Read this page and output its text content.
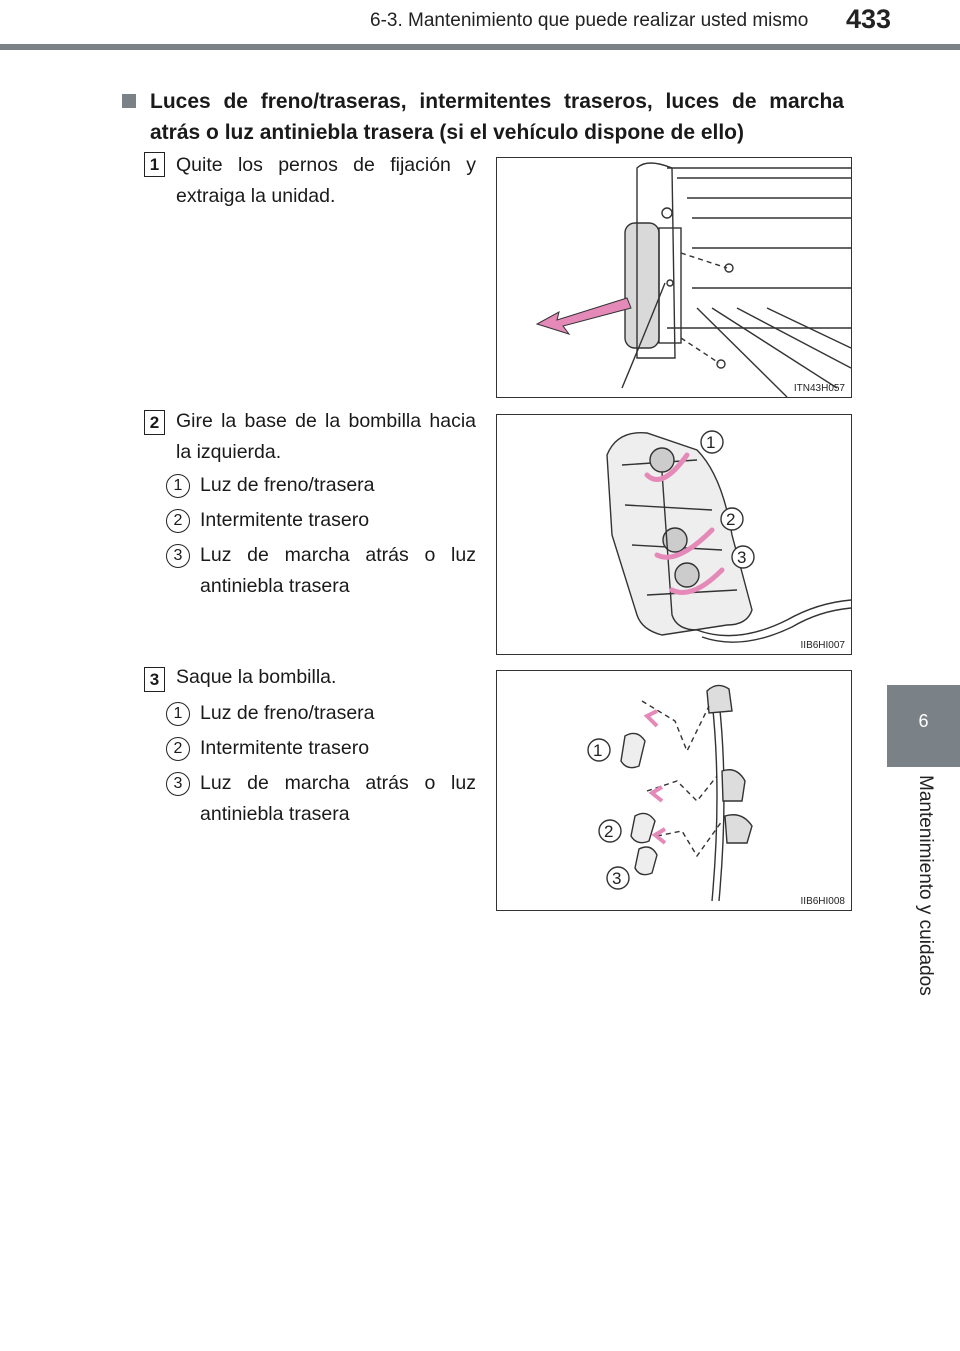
6-3. Mantenimiento que puede realizar usted mismo 433
6
Mantenimiento y cuidados
Luces de freno/traseras, intermitentes traseros, luces de marcha atrás o luz antiniebla trasera (si el vehículo dispone de ello)
1 Quite los pernos de fijación y extraiga la unidad.
ITN43H057
2 Gire la base de la bombilla hacia la izquierda.
1 Luz de freno/trasera
2 Intermitente trasero
3 Luz de marcha atrás o luz antiniebla trasera
1
2
3
IIB6HI007
3 Saque la bombilla.
1 Luz de freno/trasera
2 Intermitente trasero
3 Luz de marcha atrás o luz antiniebla trasera
1
2
3
IIB6HI008
